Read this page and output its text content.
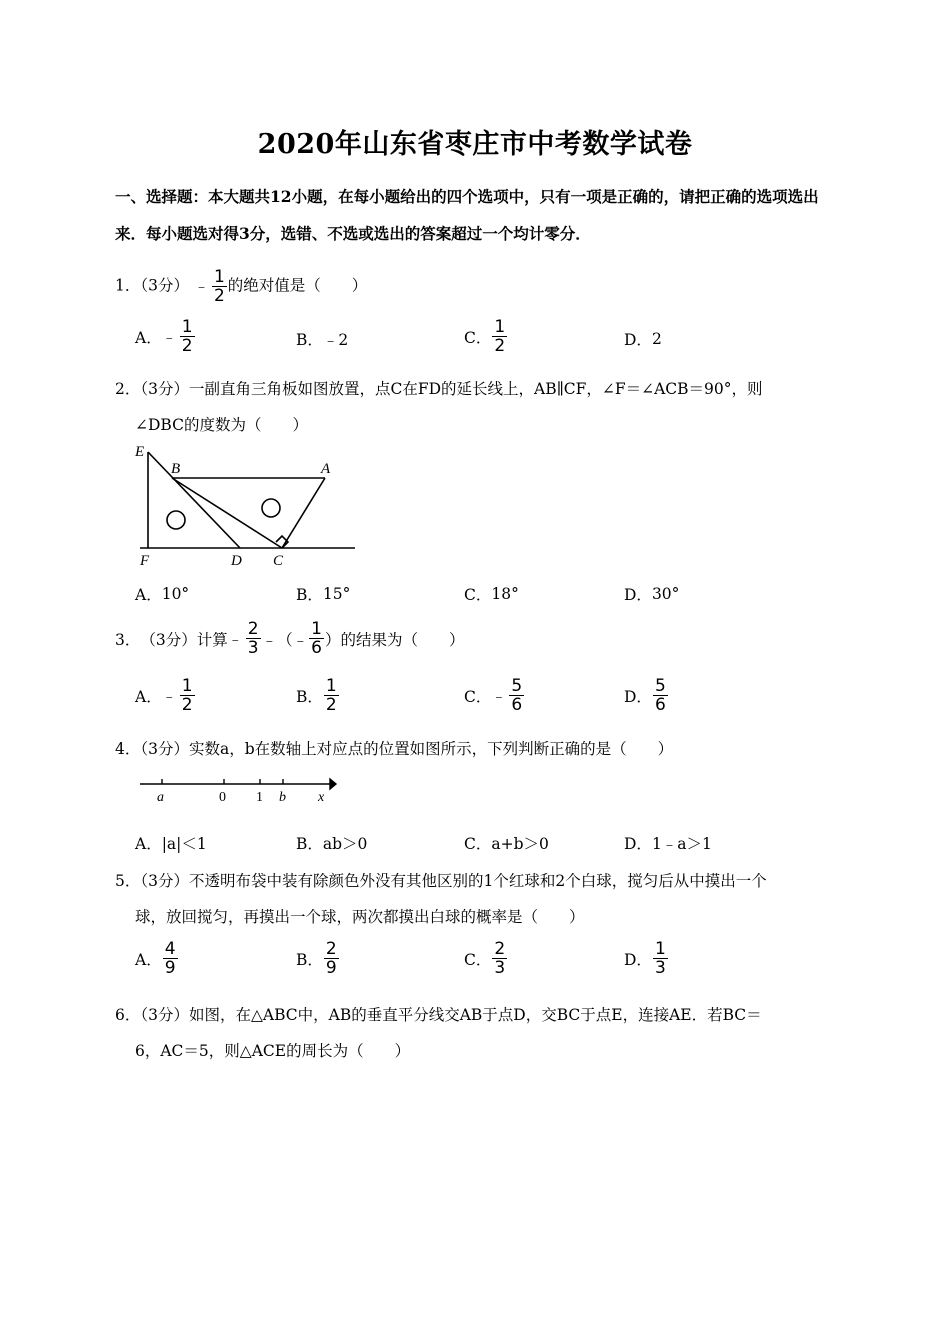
2020年山东省枣庄市中考数学试卷
一、选择题：本大题共12小题，在每小题给出的四个选项中，只有一项是正确的，请把正确的选项选出来．每小题选对得3分，选错、不选或选出的答案超过一个均计零分．
1．（3分） ﹣ $\frac{1}{2}$ 的绝对值是（　　）
A． ﹣ $\frac{1}{2}$	B． ﹣2	C． $\frac{1}{2}$	D． 2
2．（3分）一副直角三角板如图放置，点C在FD的延长线上，AB∥CF，∠F＝∠ACB＝90°，则
∠DBC的度数为（　　）
E
B	A
F	D C
A． 10°	B． 15°	C． 18°	D． 30°
3． （3分）计算 ﹣ $\frac{2}{3}$ ﹣（﹣ $\frac{1}{6}$ ）的结果为（　　）
A． ﹣ $\frac{1}{2}$	B． $\frac{1}{2}$	C． ﹣ $\frac{5}{6}$	D． $\frac{5}{6}$
4．（3分）实数a，b在数轴上对应点的位置如图所示，下列判断正确的是（　　）
a	0 1 b x
A． |a|＜1	B． ab＞0	C． a+b＞0	D． 1﹣a＞1
5．（3分）不透明布袋中装有除颜色外没有其他区别的1个红球和2个白球，搅匀后从中摸出一个
球，放回搅匀，再摸出一个球，两次都摸出白球的概率是（　　）
A． $\frac{4}{9}$	B． $\frac{2}{9}$	C． $\frac{2}{3}$	D． $\frac{1}{3}$
6．（3分）如图，在△ABC中，AB的垂直平分线交AB于点D，交BC于点E，连接AE．若BC＝
6，AC＝5，则△ACE的周长为（　　）
